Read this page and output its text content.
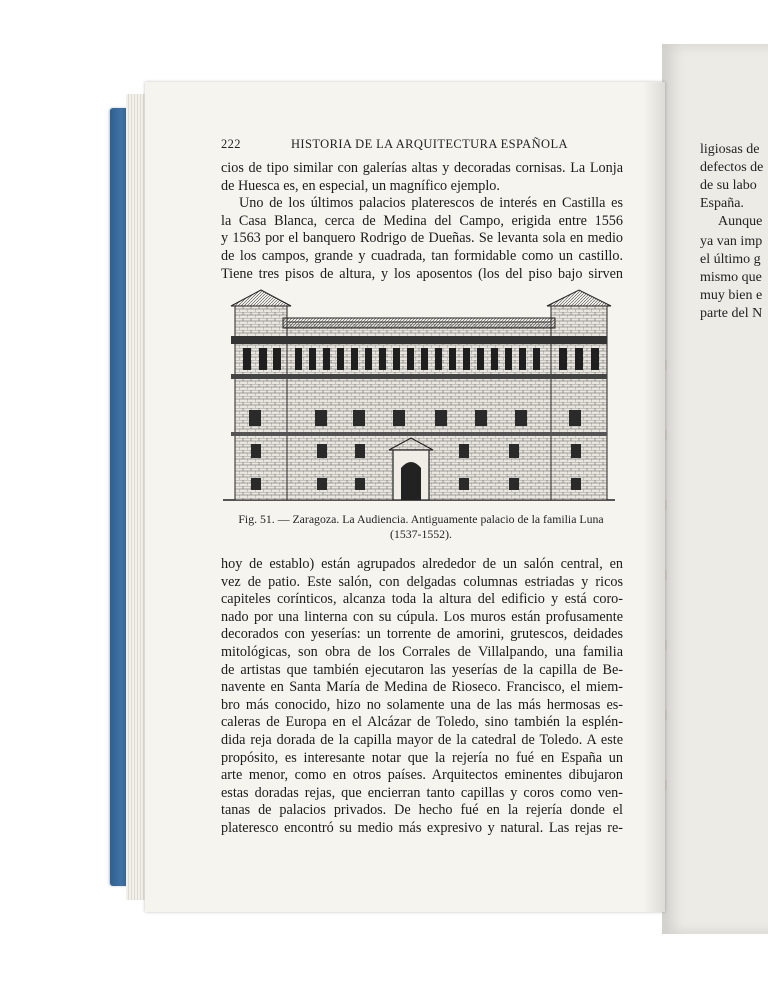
ligiosas de
defectos de
de su labo
España.
Aunque
ya van imp
el último g
mismo que
muy bien e
parte del N
222	HISTORIA DE LA ARQUITECTURA ESPAÑOLA
cios de tipo similar con galerías altas y decoradas cornisas. La Lonja
de Huesca es, en especial, un magnífico ejemplo.
Uno de los últimos palacios platerescos de interés en Castilla es
la Casa Blanca, cerca de Medina del Campo, erigida entre 1556
y 1563 por el banquero Rodrigo de Dueñas. Se levanta sola en medio
de los campos, grande y cuadrada, tan formidable como un castillo.
Tiene tres pisos de altura, y los aposentos (los del piso bajo sirven
Fig. 51. — Zaragoza. La Audiencia. Antiguamente palacio de la familia Luna
(1537-1552).
hoy de establo) están agrupados alrededor de un salón central, en
vez de patio. Este salón, con delgadas columnas estriadas y ricos
capiteles corínticos, alcanza toda la altura del edificio y está coro-
nado por una linterna con su cúpula. Los muros están profusamente
decorados con yeserías: un torrente de amorini, grutescos, deidades
mitológicas, son obra de los Corrales de Villalpando, una familia
de artistas que también ejecutaron las yeserías de la capilla de Be-
navente en Santa María de Medina de Rioseco. Francisco, el miem-
bro más conocido, hizo no solamente una de las más hermosas es-
caleras de Europa en el Alcázar de Toledo, sino también la esplén-
dida reja dorada de la capilla mayor de la catedral de Toledo. A este
propósito, es interesante notar que la rejería no fué en España un
arte menor, como en otros países. Arquitectos eminentes dibujaron
estas doradas rejas, que encierran tanto capillas y coros como ven-
tanas de palacios privados. De hecho fué en la rejería donde el
plateresco encontró su medio más expresivo y natural. Las rejas re-
